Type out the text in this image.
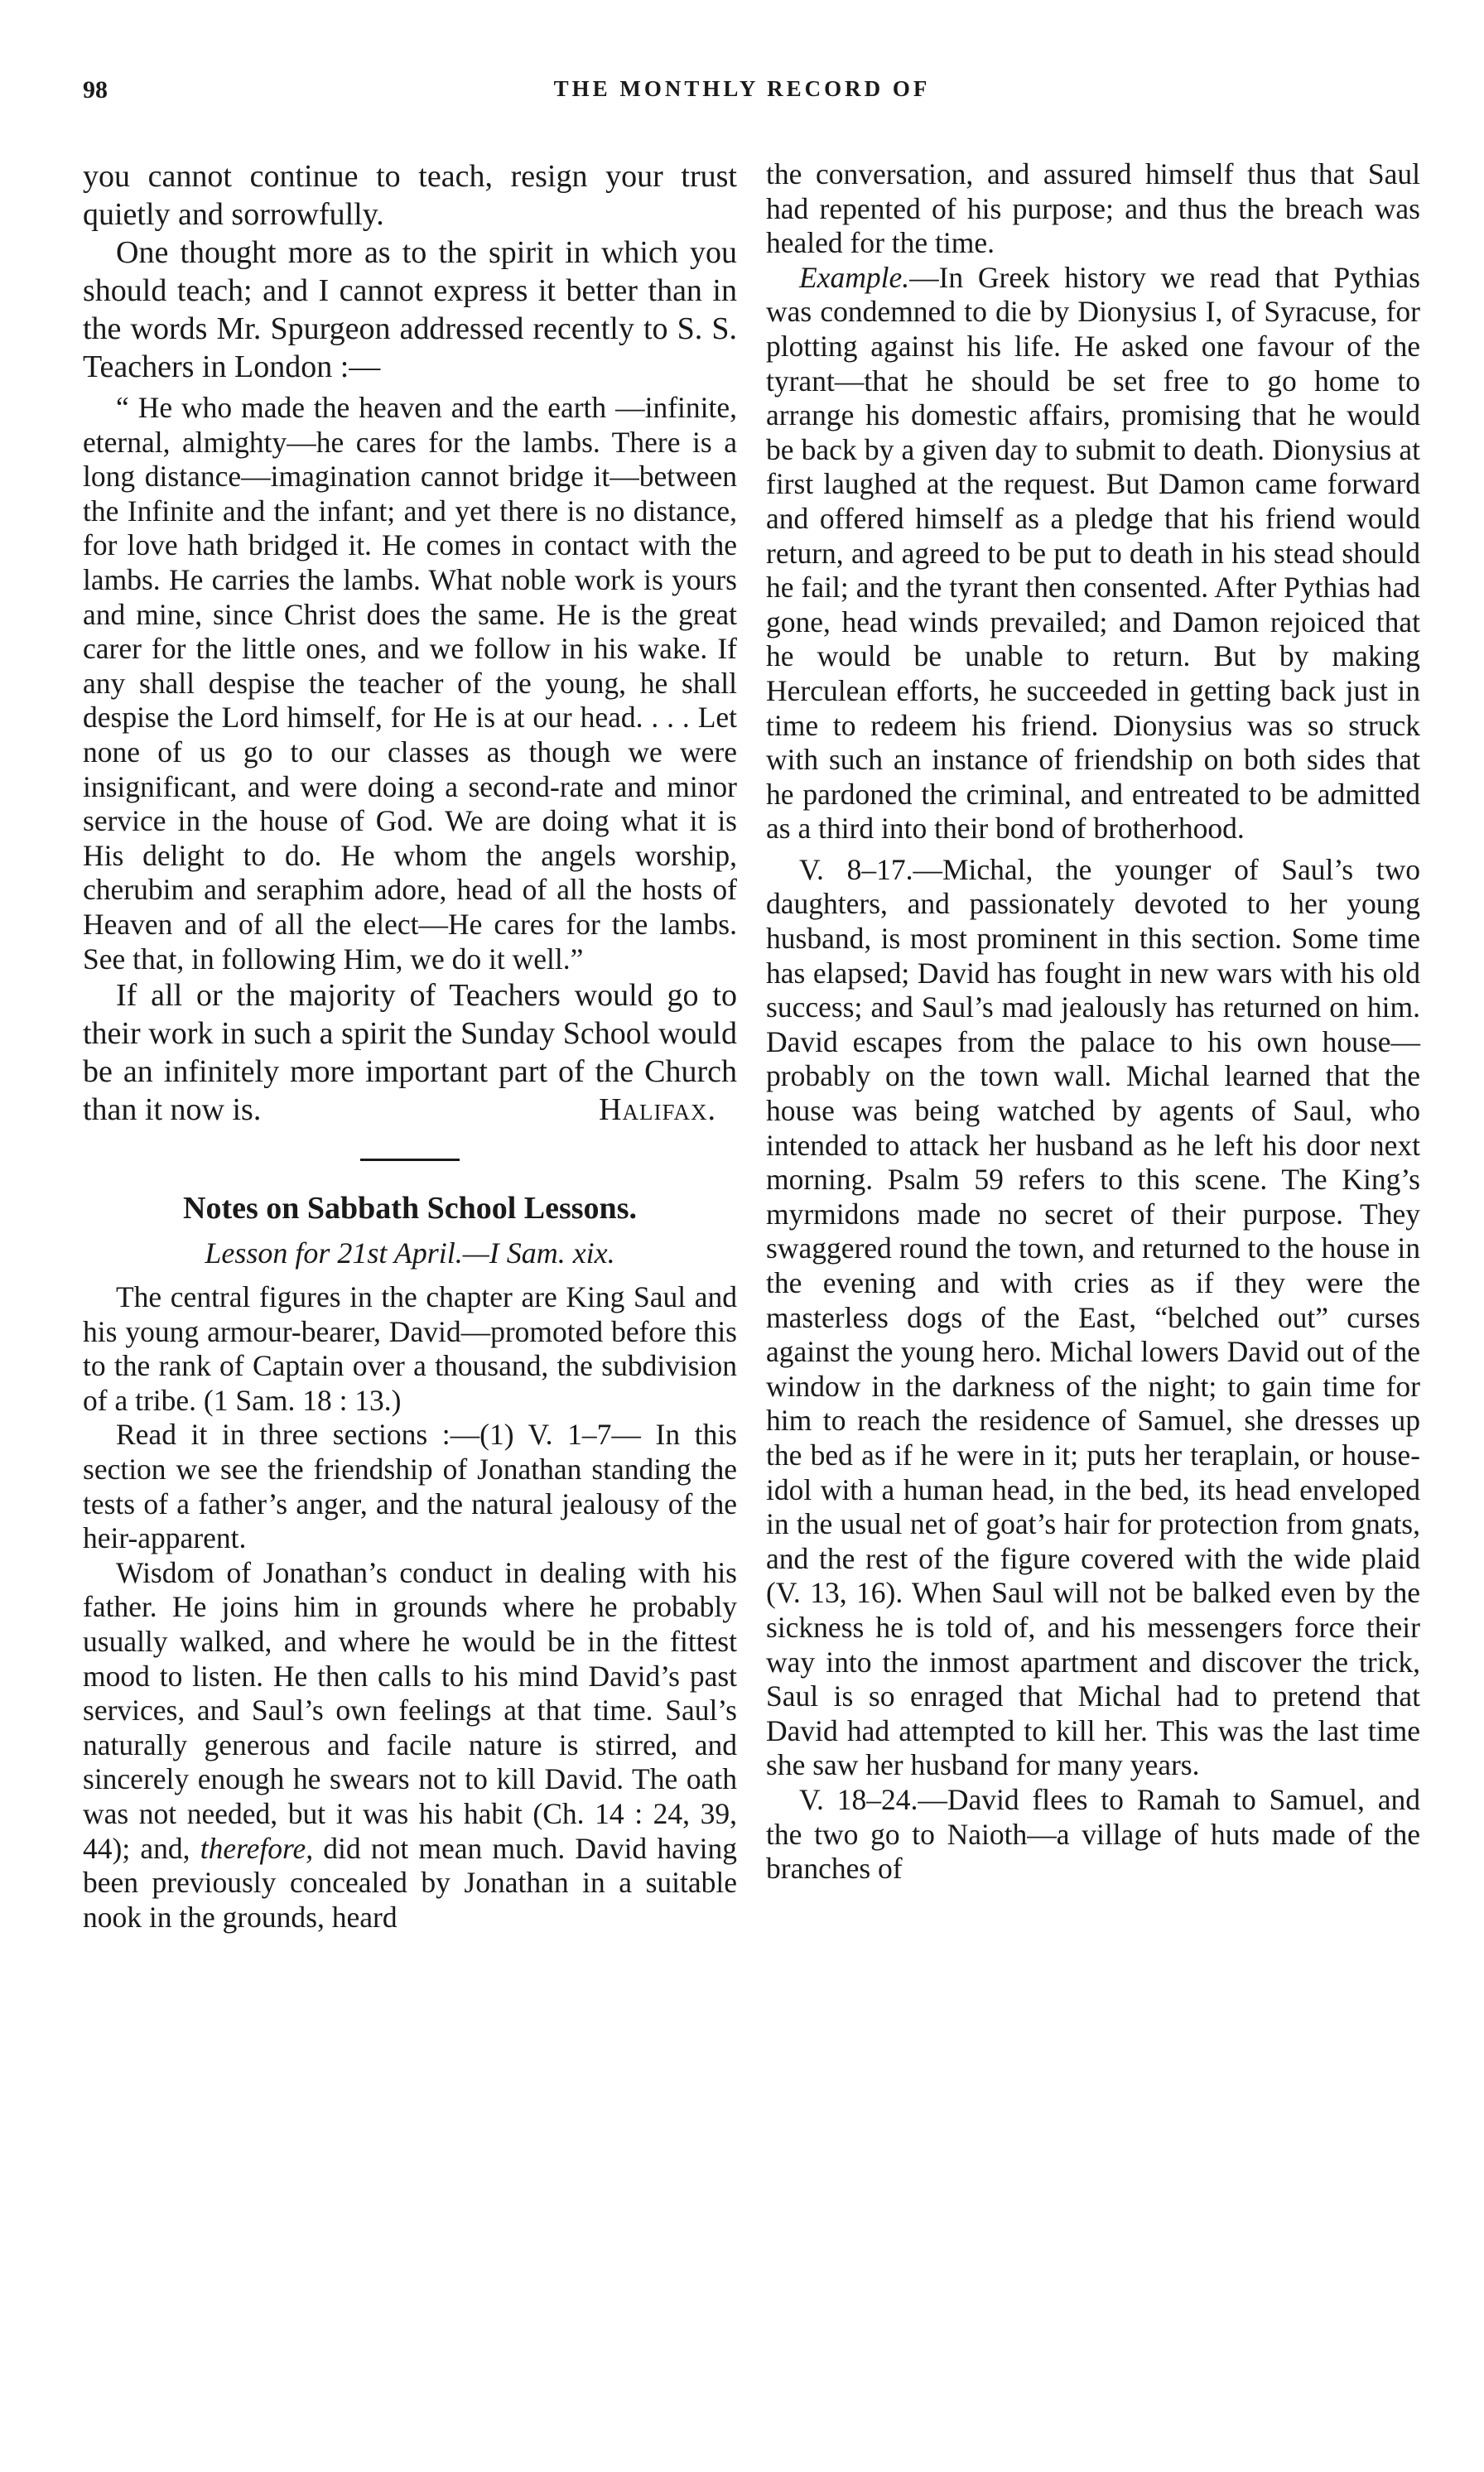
98	THE MONTHLY RECORD OF

you cannot continue to teach, resign your trust quietly and sorrowfully.

One thought more as to the spirit in which you should teach; and I cannot express it better than in the words Mr. Spurgeon addressed recently to S. S. Teachers in London :—

“ He who made the heaven and the earth —infinite, eternal, almighty—he cares for the lambs. There is a long distance—imagination cannot bridge it—between the Infinite and the infant; and yet there is no distance, for love hath bridged it. He comes in contact with the lambs. He carries the lambs. What noble work is yours and mine, since Christ does the same. He is the great carer for the little ones, and we follow in his wake. If any shall despise the teacher of the young, he shall despise the Lord himself, for He is at our head. . . . Let none of us go to our classes as though we were insignificant, and were doing a second-rate and minor service in the house of God. We are doing what it is His delight to do. He whom the angels worship, cherubim and seraphim adore, head of all the hosts of Heaven and of all the elect—He cares for the lambs. See that, in following Him, we do it well.”

If all or the majority of Teachers would go to their work in such a spirit the Sunday School would be an infinitely more important part of the Church than it now is.	Halifax.

Notes on Sabbath School Lessons.
Lesson for 21st April.—I Sam. xix.

The central figures in the chapter are King Saul and his young armour-bearer, David—promoted before this to the rank of Captain over a thousand, the subdivision of a tribe. (1 Sam. 18 : 13.)

Read it in three sections :—(1) V. 1–7— In this section we see the friendship of Jonathan standing the tests of a father’s anger, and the natural jealousy of the heir-apparent.

Wisdom of Jonathan’s conduct in dealing with his father. He joins him in grounds where he probably usually walked, and where he would be in the fittest mood to listen. He then calls to his mind David’s past services, and Saul’s own feelings at that time. Saul’s naturally generous and facile nature is stirred, and sincerely enough he swears not to kill David. The oath was not needed, but it was his habit (Ch. 14 : 24, 39, 44); and, therefore, did not mean much. David having been previously concealed by Jonathan in a suitable nook in the grounds, heard

the conversation, and assured himself thus that Saul had repented of his purpose; and thus the breach was healed for the time.

Example.—In Greek history we read that Pythias was condemned to die by Dionysius I, of Syracuse, for plotting against his life. He asked one favour of the tyrant—that he should be set free to go home to arrange his domestic affairs, promising that he would be back by a given day to submit to death. Dionysius at first laughed at the request. But Damon came forward and offered himself as a pledge that his friend would return, and agreed to be put to death in his stead should he fail; and the tyrant then consented. After Pythias had gone, head winds prevailed; and Damon rejoiced that he would be unable to return. But by making Herculean efforts, he succeeded in getting back just in time to redeem his friend. Dionysius was so struck with such an instance of friendship on both sides that he pardoned the criminal, and entreated to be admitted as a third into their bond of brotherhood.

V. 8–17.—Michal, the younger of Saul’s two daughters, and passionately devoted to her young husband, is most prominent in this section. Some time has elapsed; David has fought in new wars with his old success; and Saul’s mad jealously has returned on him. David escapes from the palace to his own house—probably on the town wall. Michal learned that the house was being watched by agents of Saul, who intended to attack her husband as he left his door next morning. Psalm 59 refers to this scene. The King’s myrmidons made no secret of their purpose. They swaggered round the town, and returned to the house in the evening and with cries as if they were the masterless dogs of the East, “belched out” curses against the young hero. Michal lowers David out of the window in the darkness of the night; to gain time for him to reach the residence of Samuel, she dresses up the bed as if he were in it; puts her teraplain, or house-idol with a human head, in the bed, its head enveloped in the usual net of goat’s hair for protection from gnats, and the rest of the figure covered with the wide plaid (V. 13, 16). When Saul will not be balked even by the sickness he is told of, and his messengers force their way into the inmost apartment and discover the trick, Saul is so enraged that Michal had to pretend that David had attempted to kill her. This was the last time she saw her husband for many years.

V. 18–24.—David flees to Ramah to Samuel, and the two go to Naioth—a village of huts made of the branches of
